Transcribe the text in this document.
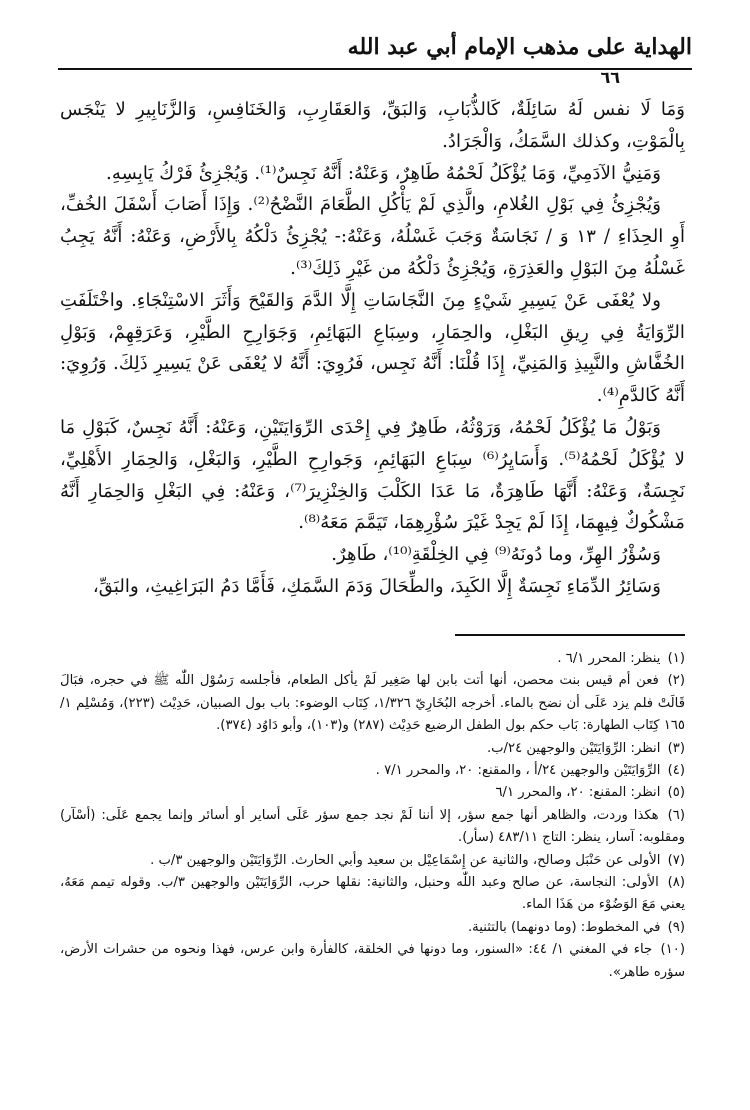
الهداية على مذهب الإمام أبي عبد الله
٦٦

وَمَا لَا نفس لَهُ سَائِلَةٌ، كَالذُّبَابِ، وَالبَقِّ، وَالعَقَارِبِ، وَالخَنَافِسِ، وَالزَّنَابِيرِ لا يَنْجَس بِالْمَوْتِ، وكذلك السَّمَكُ، وَالْجَرَادُ.

وَمَنِيُّ الآدَمِيِّ، وَمَا يُؤْكَلُ لَحْمُهُ طَاهِرٌ، وَعَنْهُ: أَنَّهُ نَجِسٌ⁽¹⁾. وَيُجْزِئُ فَرْكُ يَابِسِهِ.

وَيُجْزِئُ فِي بَوْلِ الغُلامِ، والَّذِي لَمْ يَأْكُلِ الطَّعَامَ النَّضْحُ⁽²⁾. وَإِذَا أَصَابَ أَسْفَلَ الخُفِّ، أَوِ الحِذَاءِ / ١٣ وَ / نَجَاسَةٌ وَجَبَ غَسْلُهُ، وَعَنْهُ:- يُجْزِئُ دَلْكُهُ بِالأَرْضِ، وَعَنْهُ: أَنَّهُ يَجِبُ غَسْلُهُ مِنَ البَوْلِ والعَذِرَةِ، وَيُجْزِئُ دَلْكُهُ من غَيْرِ ذَلِكَ⁽³⁾.

ولا يُعْفَى عَنْ يَسِيرِ شَيْءٍ مِنَ النَّجَاسَاتِ إِلَّا الدَّمَ وَالقَيْحَ وَأَثَرَ الاسْتِنْجَاءِ. واخْتَلَفَتِ الرِّوَايَةُ فِي رِيقِ البَغْلِ، والحِمَارِ، وسِبَاعِ البَهَائِمِ، وَجَوَارِحِ الطَّيْرِ، وَعَرَقِهِمْ، وَبَوْلِ الخُفَّاشِ والنَّبِيذِ وَالمَنِيِّ، إِذَا قُلْنَا: أَنَّهُ نَجِس، فَرُوِيَ: أَنَّهُ لا يُعْفَى عَنْ يَسِيرِ ذَلِكَ. وَرُوِيَ: أَنَّهُ كَالدَّمِ⁽⁴⁾.

وَبَوْلُ مَا يُؤْكَلُ لَحْمُهُ، وَرَوْثُهُ، طَاهِرٌ فِي إِحْدَى الرِّوَايَتَيْنِ، وَعَنْهُ: أَنَّهُ نَجِسٌ، كَبَوْلِ مَا لا يُؤْكَلُ لَحْمُهُ⁽⁵⁾. وَأَسَايِرُ⁽⁶⁾ سِبَاعِ البَهَائِمِ، وَجَوارِحِ الطَّيْرِ، وَالبَغْلِ، وَالحِمَارِ الأَهْلِيِّ، نَجِسَةٌ، وَعَنْهُ: أَنَّهَا طَاهِرَةٌ، مَا عَدَا الكَلْبَ وَالخِنْزِيرَ⁽⁷⁾، وَعَنْهُ: فِي البَغْلِ وَالحِمَارِ أَنَّهُ مَشْكُوكٌ فِيهِمَا، إِذَا لَمْ يَجِدْ غَيْرَ سُؤْرِهِمَا، تَيَمَّمَ مَعَهُ⁽⁸⁾.

وَسُؤْرُ الهِرِّ، وما دُونَهُ⁽⁹⁾ فِي الخِلْقَةِ⁽¹⁰⁾، طَاهِرٌ.

وَسَائِرُ الدِّمَاءِ نَجِسَةٌ إِلَّا الكَبِدَ، والطِّحَالَ وَدَمَ السَّمَكِ، فَأَمَّا دَمُ البَرَاغِيثِ، والبَقِّ،

(١) ينظر: المحرر ٦/١ .

(٢) فعن أم قيس بنت محصن، أنها أتت بابن لها صَغِير لَمْ يأكل الطعام، فأجلسه رَسُوْل اللّٰه ﷺ في حجره، فبَالَ قَالَتْ فلم يزد عَلَى أن نضح بالماء. أخرجه البُخَارِيّ ١/٣٢٦، كِتَاب الوضوء: باب بول الصبيان، حَدِيْث (٢٢٣)، وَمُسْلِم ١/ ١٦٥ كِتَاب الطهارة: بَاب حكم بول الطفل الرضيع حَدِيْث (٢٨٧) و(١٠٣)، وأبو دَاوُد (٣٧٤).

(٣) انظر: الرِّوَايَتَيْن والوجهين ٢٤/ب.

(٤) الرِّوَايَتَيْن والوجهين ٢٤/أ ، والمقنع: ٢٠، والمحرر ٧/١ .

(٥) انظر: المقنع: ٢٠، والمحرر ٦/١

(٦) هكذا وردت، والظاهر أنها جمع سؤر، إلا أننا لَمْ نجد جمع سؤر عَلَى أساير أو أسائر وإنما يجمع عَلَى: (أسْآر) ومقلوبه: آسار، ينظر: التاج ٤٨٣/١١ (سأر).

(٧) الأولى عن حَنْبَل وصالح، والثانية عن إِسْمَاعِيْل بن سعيد وأبي الحارث. الرِّوَايَتَيْن والوجهين ٣/ب .

(٨) الأولى: النجاسة، عن صالح وعبد اللّٰه وحنبل، والثانية: نقلها حرب، الرِّوَايَتَيْن والوجهين ٣/ب. وقوله تيمم مَعَهُ، يعني مَعَ الوَضُوْء من هَذَا الماء.

(٩) في المخطوط: (وما دونهما) بالتثنية.

(١٠) جاء في المغني ١/ ٤٤: «السنور، وما دونها في الخلقة، كالفأرة وابن عرس، فهذا ونحوه من حشرات الأرض، سؤره طاهر».
